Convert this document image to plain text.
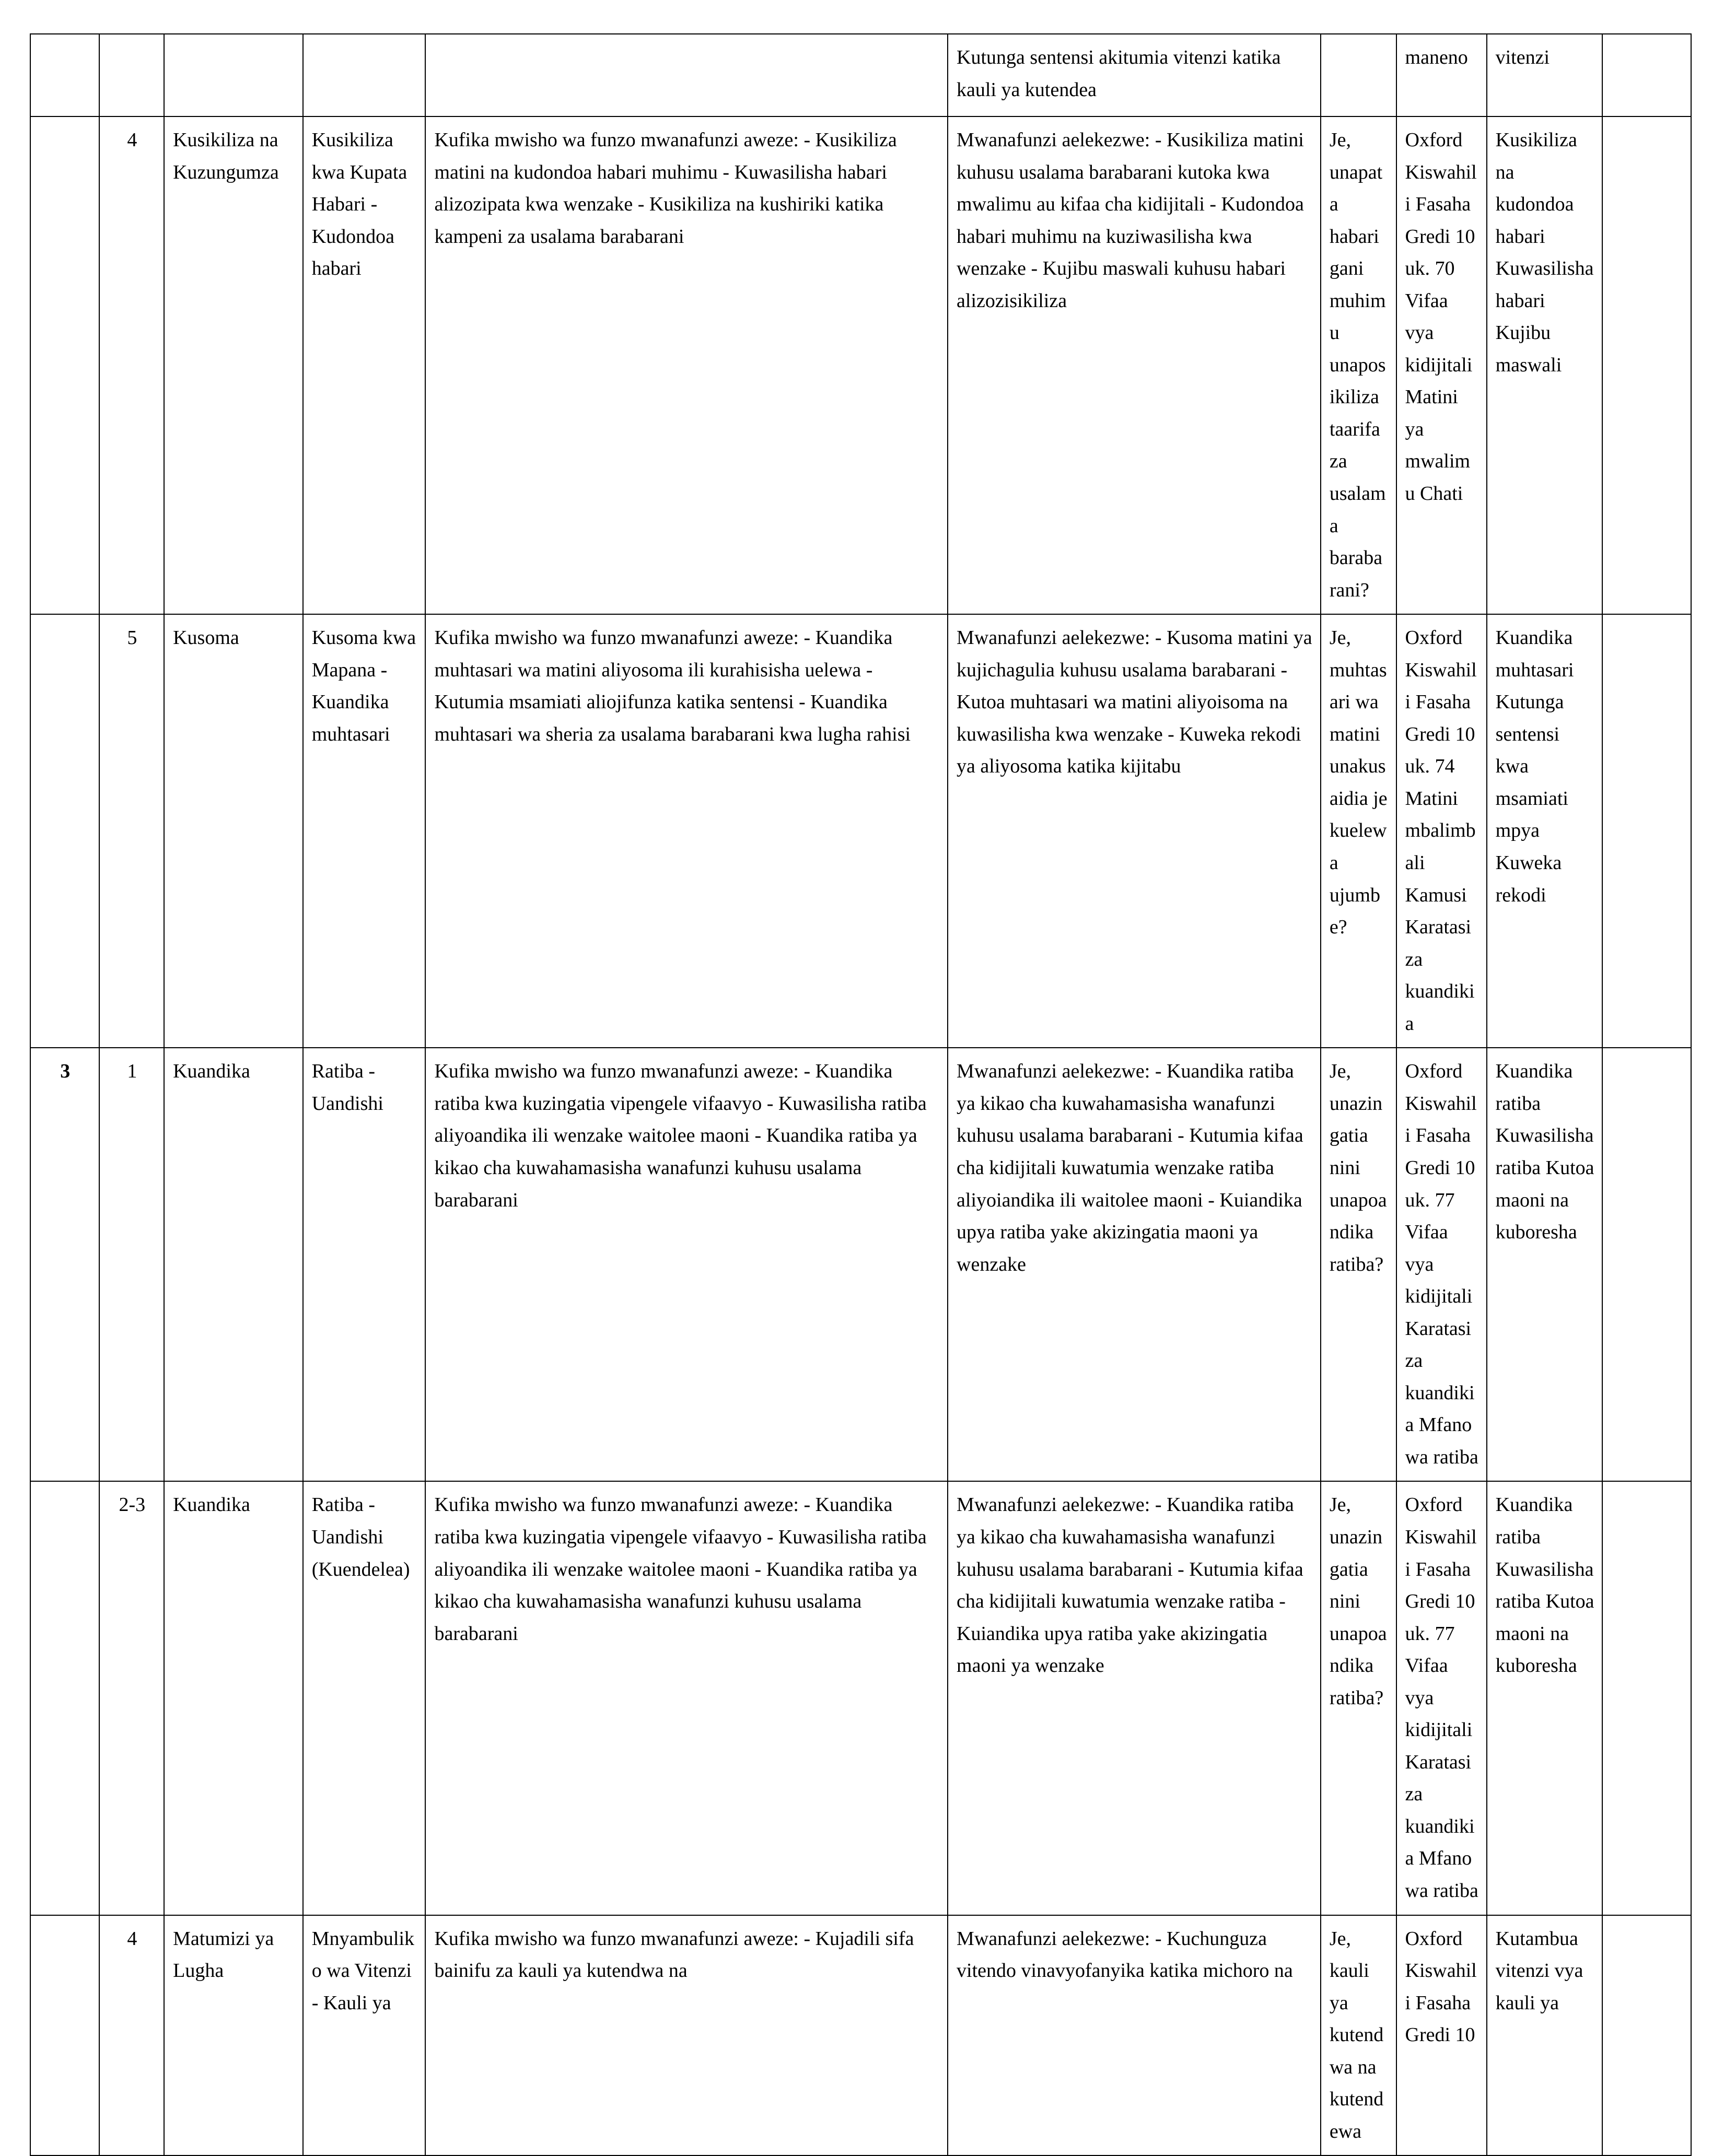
					Kutunga sentensi akitumia vitenzi katika kauli ya kutendea		maneno	vitenzi	
	4	Kusikiliza na Kuzungumza	Kusikiliza kwa Kupata Habari - Kudondoa habari	Kufika mwisho wa funzo mwanafunzi aweze: - Kusikiliza matini na kudondoa habari muhimu - Kuwasilisha habari alizozipata kwa wenzake - Kusikiliza na kushiriki katika kampeni za usalama barabarani	Mwanafunzi aelekezwe: - Kusikiliza matini kuhusu usalama barabarani kutoka kwa mwalimu au kifaa cha kidijitali - Kudondoa habari muhimu na kuziwasilisha kwa wenzake - Kujibu maswali kuhusu habari alizozisikiliza	Je, unapata habari gani muhimu unaposikiliza taarifa za usalama barabarani?	Oxford Kiswahili Fasaha Gredi 10 uk. 70 Vifaa vya kidijitali Matini ya mwalimu Chati	Kusikiliza na kudondoa habari Kuwasilisha habari Kujibu maswali	
	5	Kusoma	Kusoma kwa Mapana - Kuandika muhtasari	Kufika mwisho wa funzo mwanafunzi aweze: - Kuandika muhtasari wa matini aliyosoma ili kurahisisha uelewa - Kutumia msamiati aliojifunza katika sentensi - Kuandika muhtasari wa sheria za usalama barabarani kwa lugha rahisi	Mwanafunzi aelekezwe: - Kusoma matini ya kujichagulia kuhusu usalama barabarani - Kutoa muhtasari wa matini aliyoisoma na kuwasilisha kwa wenzake - Kuweka rekodi ya aliyosoma katika kijitabu	Je, muhtasari wa matini unakusaidia je kuelewa ujumbe?	Oxford Kiswahili Fasaha Gredi 10 uk. 74 Matini mbalimbali Kamusi Karatasi za kuandikia	Kuandika muhtasari Kutunga sentensi kwa msamiati mpya Kuweka rekodi	
3	1	Kuandika	Ratiba - Uandishi	Kufika mwisho wa funzo mwanafunzi aweze: - Kuandika ratiba kwa kuzingatia vipengele vifaavyo - Kuwasilisha ratiba aliyoandika ili wenzake waitolee maoni - Kuandika ratiba ya kikao cha kuwahamasisha wanafunzi kuhusu usalama barabarani	Mwanafunzi aelekezwe: - Kuandika ratiba ya kikao cha kuwahamasisha wanafunzi kuhusu usalama barabarani - Kutumia kifaa cha kidijitali kuwatumia wenzake ratiba aliyoiandika ili waitolee maoni - Kuiandika upya ratiba yake akizingatia maoni ya wenzake	Je, unazingatia nini unapoandika ratiba?	Oxford Kiswahili Fasaha Gredi 10 uk. 77 Vifaa vya kidijitali Karatasi za kuandikia Mfano wa ratiba	Kuandika ratiba Kuwasilisha ratiba Kutoa maoni na kuboresha	
	2-3	Kuandika	Ratiba - Uandishi (Kuendelea)	Kufika mwisho wa funzo mwanafunzi aweze: - Kuandika ratiba kwa kuzingatia vipengele vifaavyo - Kuwasilisha ratiba aliyoandika ili wenzake waitolee maoni - Kuandika ratiba ya kikao cha kuwahamasisha wanafunzi kuhusu usalama barabarani	Mwanafunzi aelekezwe: - Kuandika ratiba ya kikao cha kuwahamasisha wanafunzi kuhusu usalama barabarani - Kutumia kifaa cha kidijitali kuwatumia wenzake ratiba - Kuiandika upya ratiba yake akizingatia maoni ya wenzake	Je, unazingatia nini unapoandika ratiba?	Oxford Kiswahili Fasaha Gredi 10 uk. 77 Vifaa vya kidijitali Karatasi za kuandikia Mfano wa ratiba	Kuandika ratiba Kuwasilisha ratiba Kutoa maoni na kuboresha	
	4	Matumizi ya Lugha	Mnyambuliko wa Vitenzi - Kauli ya	Kufika mwisho wa funzo mwanafunzi aweze: - Kujadili sifa bainifu za kauli ya kutendwa na	Mwanafunzi aelekezwe: - Kuchunguza vitendo vinavyofanyika katika michoro na	Je, kauli ya kutendwa na kutendewa	Oxford Kiswahili Fasaha Gredi 10	Kutambua vitenzi vya kauli ya	
